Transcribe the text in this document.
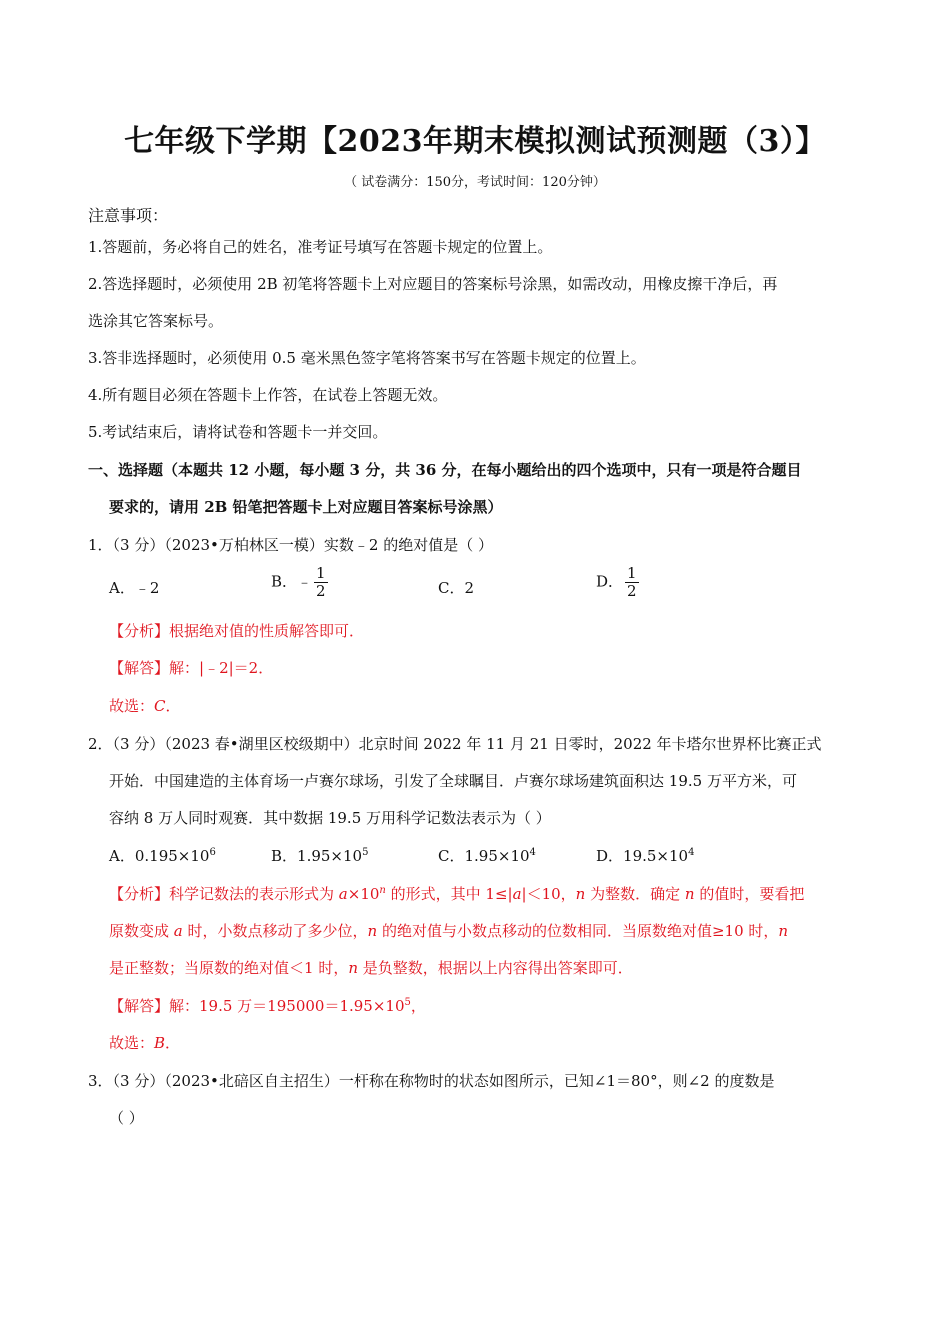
七年级下学期【2023年期末模拟测试预测题（3）】
（ 试卷满分：150分，考试时间：120分钟）
注意事项：
1.答题前，务必将自己的姓名，准考证号填写在答题卡规定的位置上。
2.答选择题时，必须使用 2B 初笔将答题卡上对应题目的答案标号涂黑，如需改动，用橡皮擦干净后，再
选涂其它答案标号。
3.答非选择题时，必须使用 0.5 毫米黑色签字笔将答案书写在答题卡规定的位置上。
4.所有题目必须在答题卡上作答，在试卷上答题无效。
5.考试结束后，请将试卷和答题卡一并交回。
一、选择题（本题共 12 小题，每小题 3 分，共 36 分，在每小题给出的四个选项中，只有一项是符合题目
要求的，请用 2B 铅笔把答题卡上对应题目答案标号涂黑）
1．（3 分）（2023•万柏林区一模）实数﹣2 的绝对值是（ ）
A．﹣2	B．﹣ $\frac{1}{2}$	C．2	D． $\frac{1}{2}$
【分析】根据绝对值的性质解答即可．
【解答】解：|﹣2|＝2．
故选：C．
2．（3 分）（2023 春•湖里区校级期中）北京时间 2022 年 11 月 21 日零时，2022 年卡塔尔世界杯比赛正式
开始．中国建造的主体育场一卢赛尔球场，引发了全球瞩目．卢赛尔球场建筑面积达 19.5 万平方米，可
容纳 8 万人同时观赛．其中数据 19.5 万用科学记数法表示为（ ）
A．$0.195\times 10^6$	B．$1.95\times 10^5$	C．$1.95\times 10^4$	D．$19.5\times 10^4$
【分析】科学记数法的表示形式为 $a\times 10^n$ 的形式，其中 1≤|a|＜10，n 为整数．确定 n 的值时，要看把
原数变成 a 时，小数点移动了多少位，n 的绝对值与小数点移动的位数相同．当原数绝对值≥10 时，n
是正整数；当原数的绝对值＜1 时，n 是负整数，根据以上内容得出答案即可．
【解答】解：19.5 万$=195000=1.95\times 10^5$，
故选：B．
3．（3 分）（2023•北碚区自主招生）一杆称在称物时的状态如图所示，已知∠1＝80°，则∠2 的度数是
（ ）
